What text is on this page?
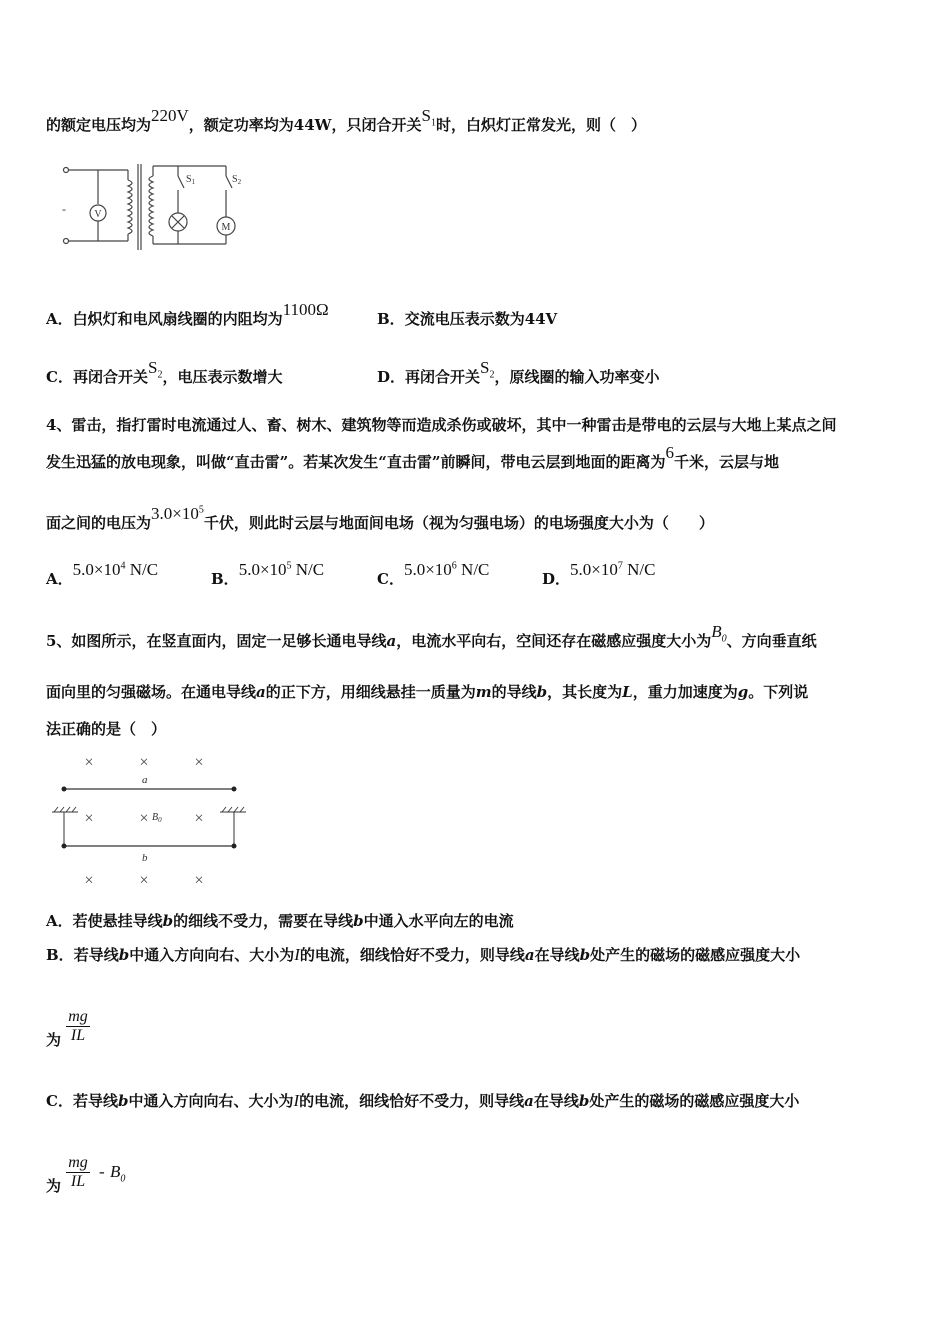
的额定电压均为220V，额定功率均为44W，只闭合开关$S_1$时，白炽灯正常发光，则（　）
V
M
-
$S_1$	$S_2$
A．白炽灯和电风扇线圈的内阻均为1100Ω	B．交流电压表示数为44V
C．再闭合开关$S_2$，电压表示数增大	D．再闭合开关$S_2$，原线圈的输入功率变小
4、雷击，指打雷时电流通过人、畜、树木、建筑物等而造成杀伤或破坏，其中一种雷击是带电的云层与大地上某点之间
发生迅猛的放电现象，叫做“直击雷”。若某次发生“直击雷”前瞬间，带电云层到地面的距离为6千米，云层与地
面之间的电压为$3.0\times 10^5$千伏，则此时云层与地面间电场（视为匀强电场）的电场强度大小为（　　）
A．$5.0\times 10^4$ N/C	B．$5.0\times 10^5$ N/C	C．$5.0\times 10^6$ N/C	D．$5.0\times 10^7$ N/C
5、如图所示，在竖直面内，固定一足够长通电导线a，电流水平向右，空间还存在磁感应强度大小为$B_0$、方向垂直纸
面向里的匀强磁场。在通电导线a的正下方，用细线悬挂一质量为m的导线b，其长度为L，重力加速度为g。下列说
法正确的是（　）
×	×	×
×	×	×
×	×	×
a
b
$B_0$
A．若使悬挂导线b的细线不受力，需要在导线b中通入水平向左的电流
B．若导线b中通入方向向右、大小为I的电流，细线恰好不受力，则导线a在导线b处产生的磁场的磁感应强度大小
为 $\frac{mg}{IL}$
C．若导线b中通入方向向右、大小为I的电流，细线恰好不受力，则导线a在导线b处产生的磁场的磁感应强度大小
为 $\frac{mg}{IL} - B_0$
